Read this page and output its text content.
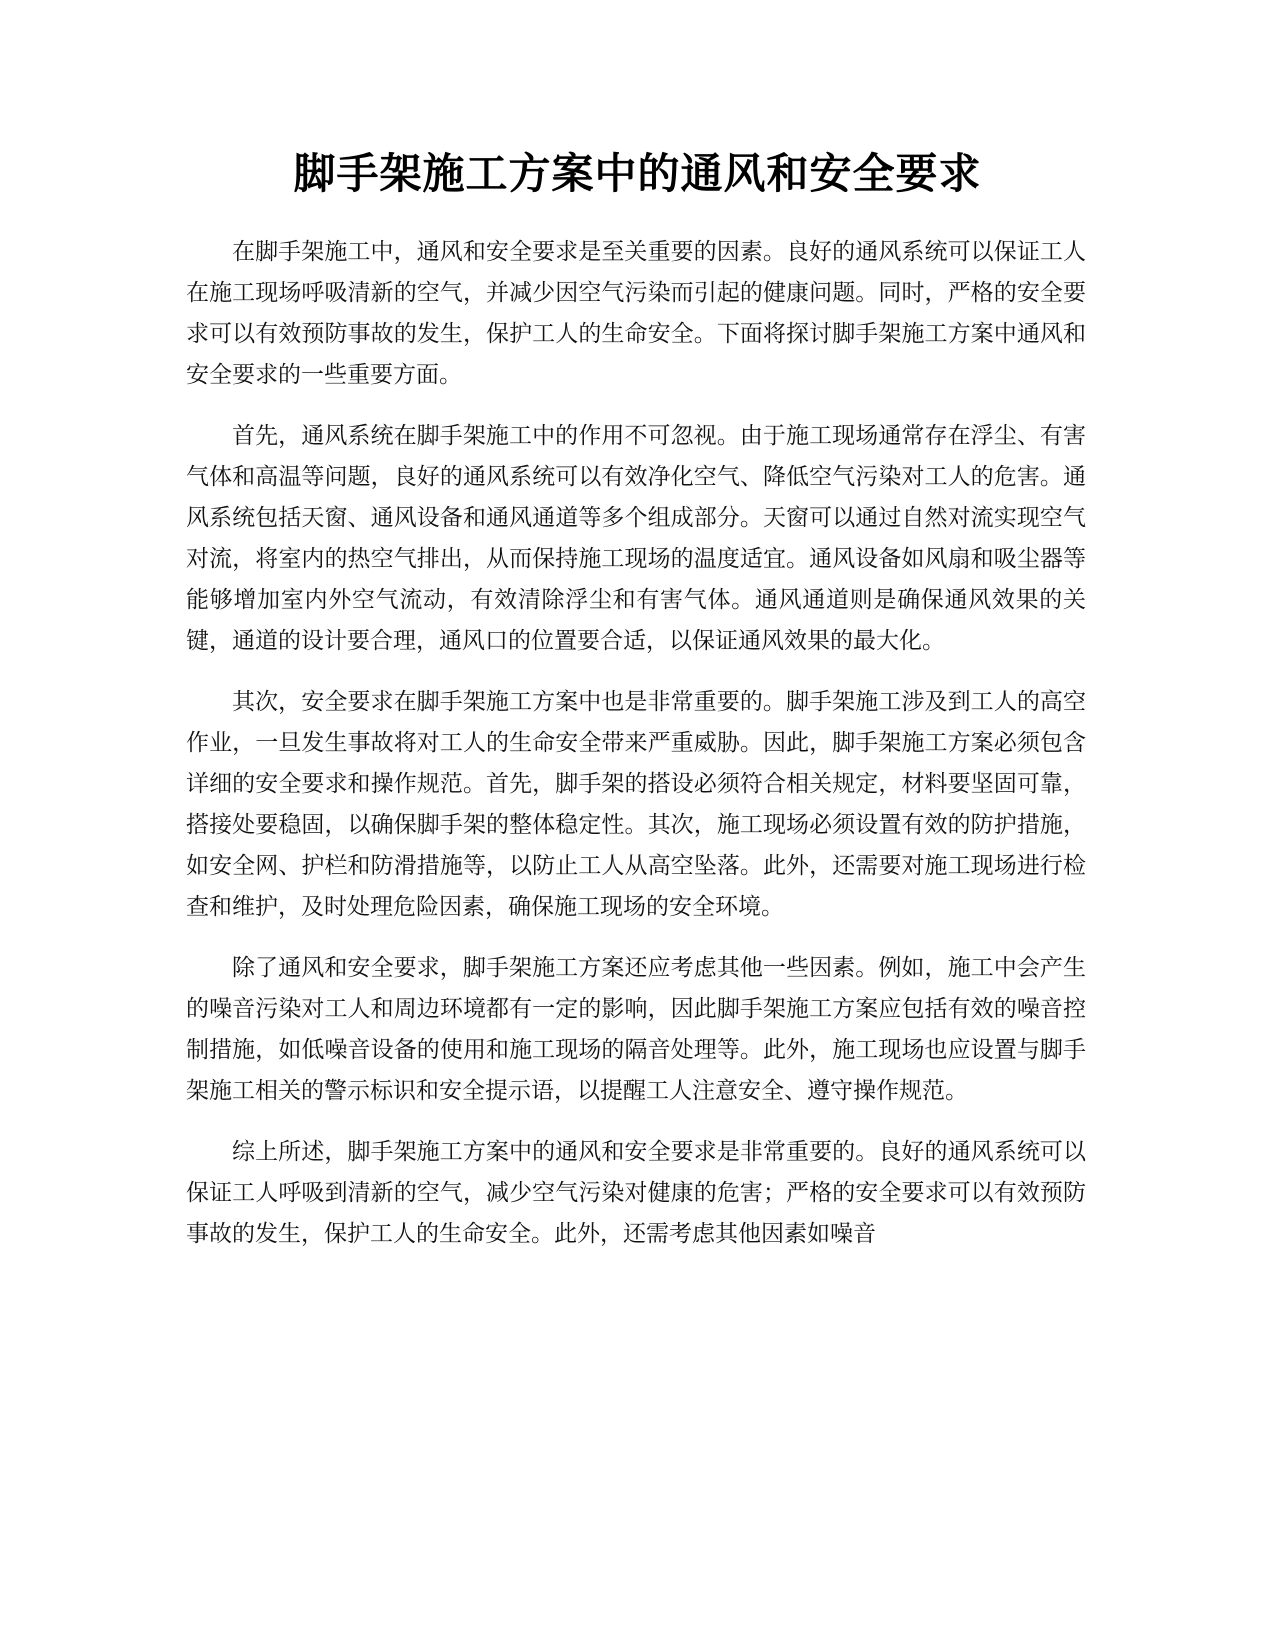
脚手架施工方案中的通风和安全要求

在脚手架施工中，通风和安全要求是至关重要的因素。良好的通风系统可以保证工人在施工现场呼吸清新的空气，并减少因空气污染而引起的健康问题。同时，严格的安全要求可以有效预防事故的发生，保护工人的生命安全。下面将探讨脚手架施工方案中通风和安全要求的一些重要方面。

首先，通风系统在脚手架施工中的作用不可忽视。由于施工现场通常存在浮尘、有害气体和高温等问题，良好的通风系统可以有效净化空气、降低空气污染对工人的危害。通风系统包括天窗、通风设备和通风通道等多个组成部分。天窗可以通过自然对流实现空气对流，将室内的热空气排出，从而保持施工现场的温度适宜。通风设备如风扇和吸尘器等能够增加室内外空气流动，有效清除浮尘和有害气体。通风通道则是确保通风效果的关键，通道的设计要合理，通风口的位置要合适，以保证通风效果的最大化。

其次，安全要求在脚手架施工方案中也是非常重要的。脚手架施工涉及到工人的高空作业，一旦发生事故将对工人的生命安全带来严重威胁。因此，脚手架施工方案必须包含详细的安全要求和操作规范。首先，脚手架的搭设必须符合相关规定，材料要坚固可靠，搭接处要稳固，以确保脚手架的整体稳定性。其次，施工现场必须设置有效的防护措施，如安全网、护栏和防滑措施等，以防止工人从高空坠落。此外，还需要对施工现场进行检查和维护，及时处理危险因素，确保施工现场的安全环境。

除了通风和安全要求，脚手架施工方案还应考虑其他一些因素。例如，施工中会产生的噪音污染对工人和周边环境都有一定的影响，因此脚手架施工方案应包括有效的噪音控制措施，如低噪音设备的使用和施工现场的隔音处理等。此外，施工现场也应设置与脚手架施工相关的警示标识和安全提示语，以提醒工人注意安全、遵守操作规范。

综上所述，脚手架施工方案中的通风和安全要求是非常重要的。良好的通风系统可以保证工人呼吸到清新的空气，减少空气污染对健康的危害；严格的安全要求可以有效预防事故的发生，保护工人的生命安全。此外，还需考虑其他因素如噪音
